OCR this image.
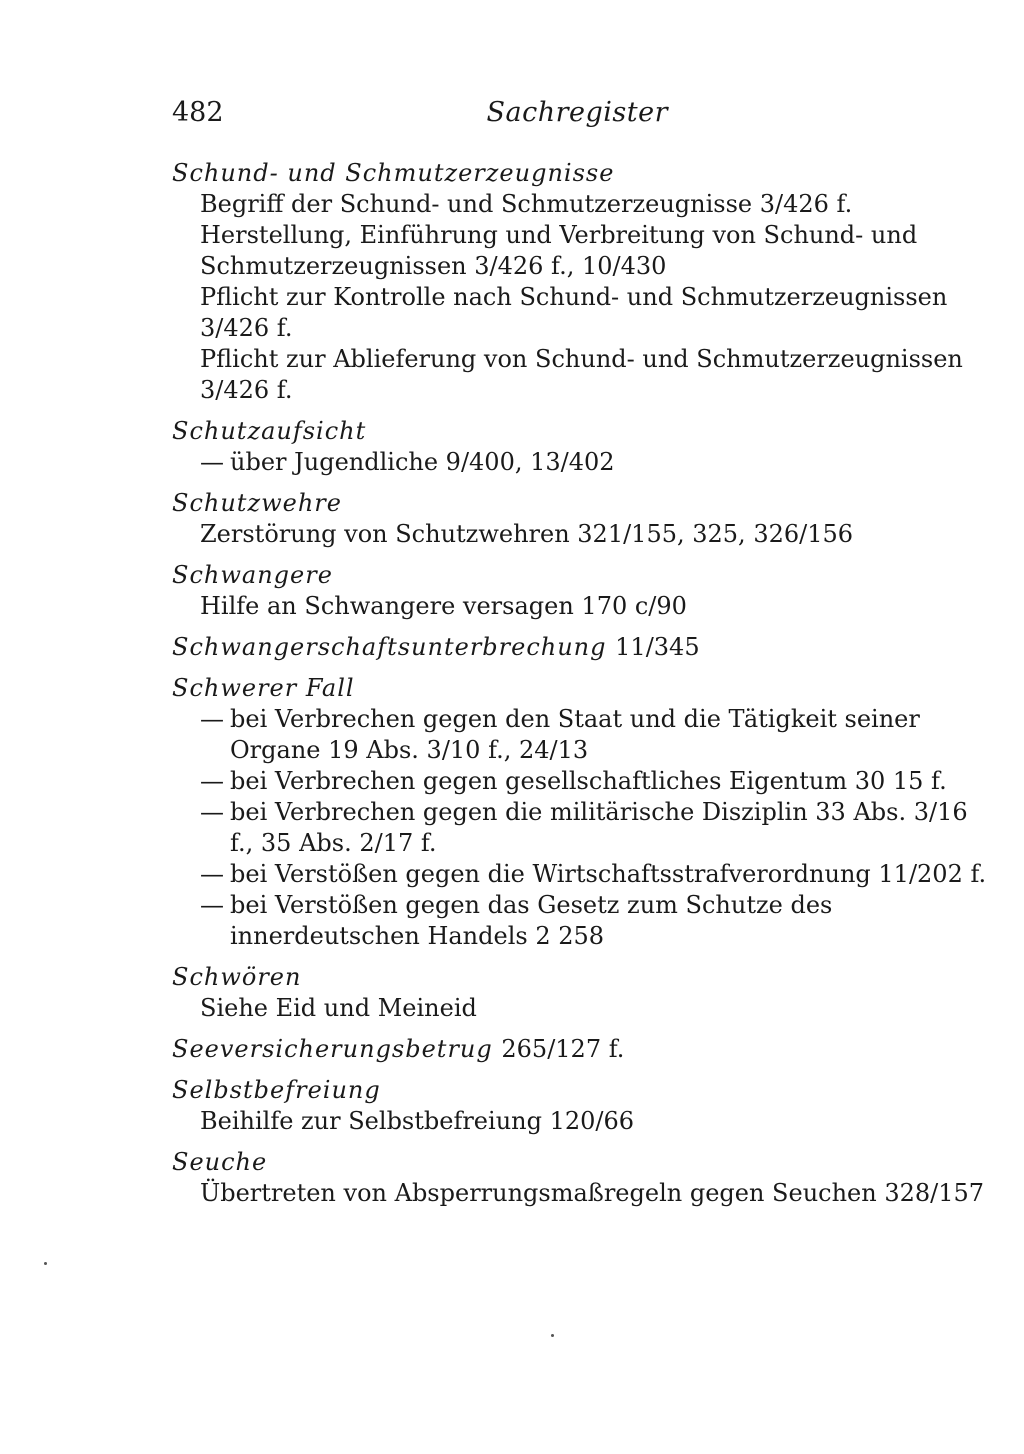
482	Sachregister
Schund- und Schmutzerzeugnisse
Begriff der Schund- und Schmutzerzeugnisse 3/426 f.
Herstellung, Einführung und Verbreitung von Schund- und Schmutzerzeugnissen 3/426 f., 10/430
Pflicht zur Kontrolle nach Schund- und Schmutzerzeugnissen 3/426 f.
Pflicht zur Ablieferung von Schund- und Schmutzerzeugnissen 3/426 f.
Schutzaufsicht
— über Jugendliche 9/400, 13/402
Schutzwehre
Zerstörung von Schutzwehren 321/155, 325, 326/156
Schwangere
Hilfe an Schwangere versagen 170 c/90
Schwangerschaftsunterbrechung 11/345
Schwerer Fall
— bei Verbrechen gegen den Staat und die Tätigkeit seiner Organe 19 Abs. 3/10 f., 24/13
— bei Verbrechen gegen gesellschaftliches Eigentum 30 15 f.
— bei Verbrechen gegen die militärische Disziplin 33 Abs. 3/16 f., 35 Abs. 2/17 f.
— bei Verstößen gegen die Wirtschaftsstrafverordnung 11/202 f.
— bei Verstößen gegen das Gesetz zum Schutze des innerdeutschen Handels 2 258
Schwören
Siehe Eid und Meineid
Seeversicherungsbetrug 265/127 f.
Selbstbefreiung
Beihilfe zur Selbstbefreiung 120/66
Seuche
Übertreten von Absperrungsmaßregeln gegen Seuchen 328/157
